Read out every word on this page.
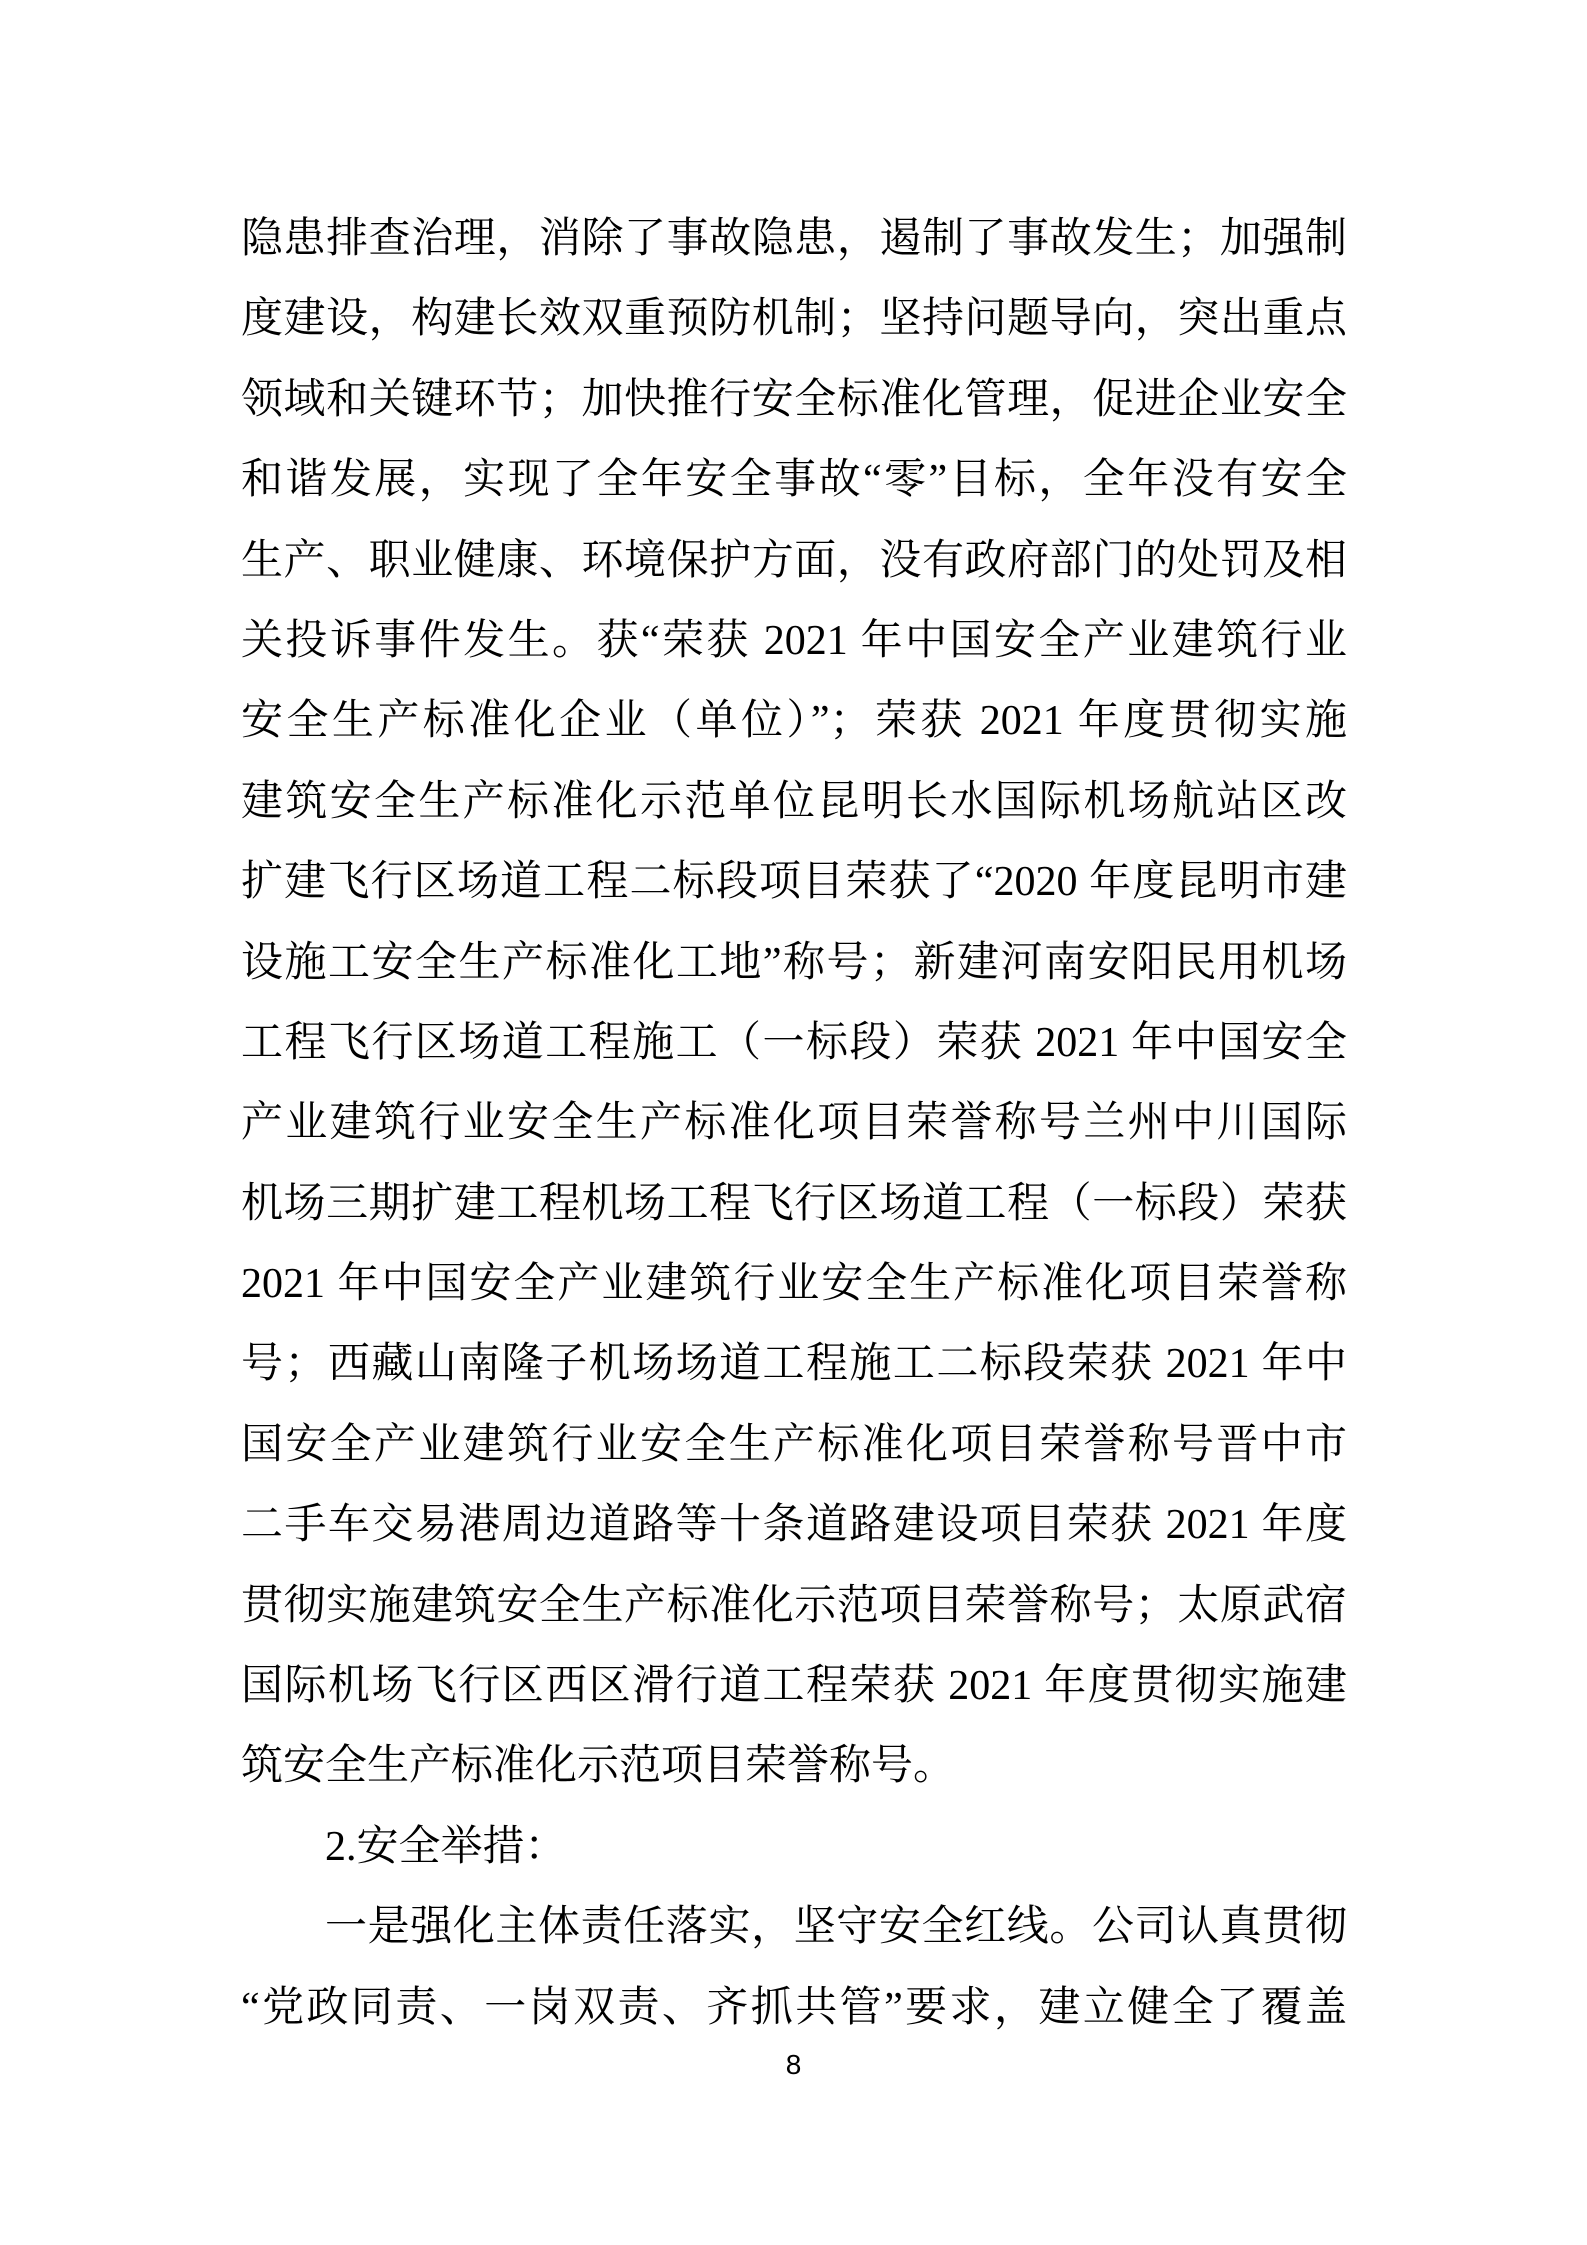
隐患排查治理，消除了事故隐患，遏制了事故发生；加强制
度建设，构建长效双重预防机制；坚持问题导向，突出重点
领域和关键环节；加快推行安全标准化管理，促进企业安全
和谐发展，实现了全年安全事故“零”目标，全年没有安全
生产、职业健康、环境保护方面，没有政府部门的处罚及相
关投诉事件发生。获“荣获 2021 年中国安全产业建筑行业
安全生产标准化企业（单位）”；荣获 2021 年度贯彻实施
建筑安全生产标准化示范单位昆明长水国际机场航站区改
扩建飞行区场道工程二标段项目荣获了“2020 年度昆明市建
设施工安全生产标准化工地”称号；新建河南安阳民用机场
工程飞行区场道工程施工（一标段）荣获 2021 年中国安全
产业建筑行业安全生产标准化项目荣誉称号兰州中川国际
机场三期扩建工程机场工程飞行区场道工程（一标段）荣获
2021 年中国安全产业建筑行业安全生产标准化项目荣誉称
号；西藏山南隆子机场场道工程施工二标段荣获 2021 年中
国安全产业建筑行业安全生产标准化项目荣誉称号晋中市
二手车交易港周边道路等十条道路建设项目荣获 2021 年度
贯彻实施建筑安全生产标准化示范项目荣誉称号；太原武宿
国际机场飞行区西区滑行道工程荣获 2021 年度贯彻实施建
筑安全生产标准化示范项目荣誉称号。
2.安全举措：
一是强化主体责任落实，坚守安全红线。公司认真贯彻
“党政同责、一岗双责、齐抓共管”要求，建立健全了覆盖
8
